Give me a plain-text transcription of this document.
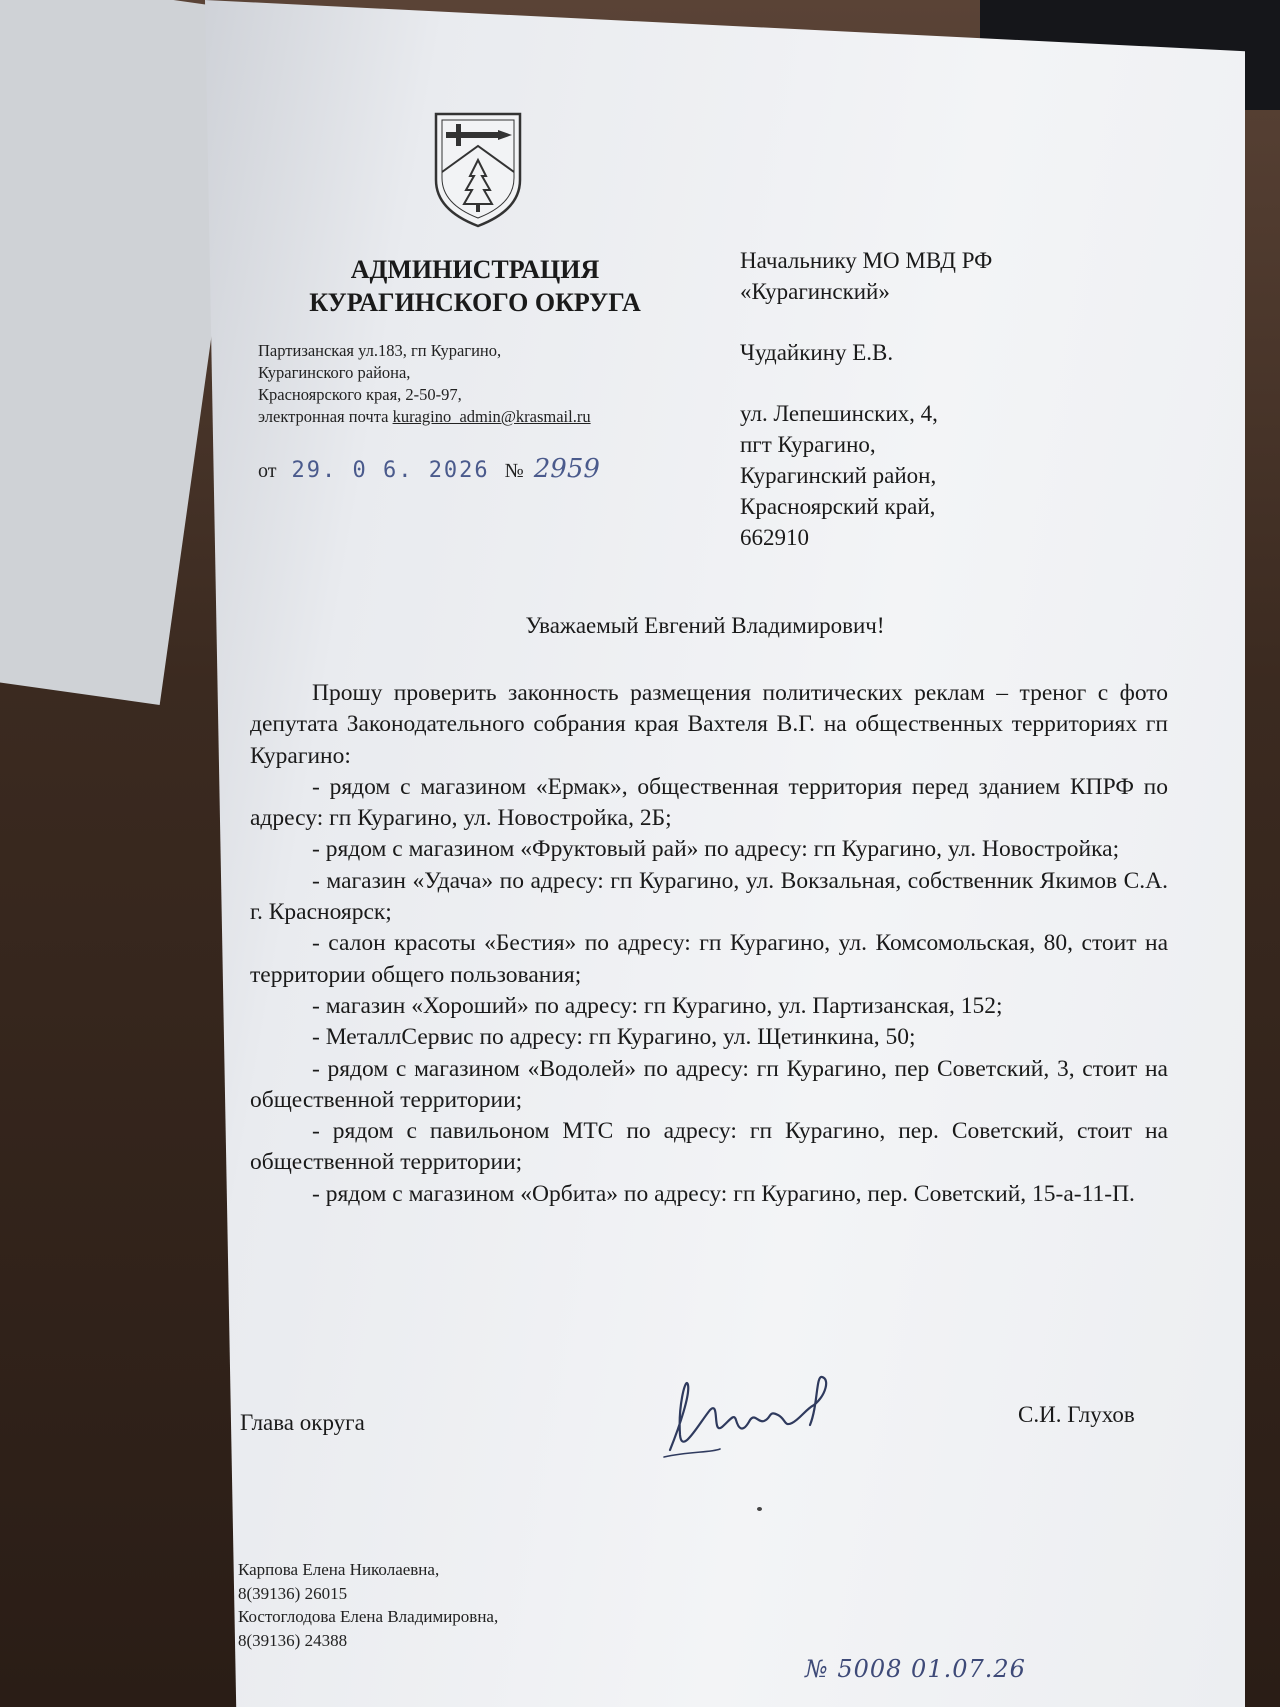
АДМИНИСТРАЦИЯ
КУРАГИНСКОГО ОКРУГА
Партизанская ул.183, гп Курагино,
Курагинского района,
Красноярского края, 2-50-97,
электронная почта kuragino_admin@krasmail.ru
от 29. 0 6. 2026 № 2959
Начальнику МО МВД РФ
«Курагинский»
Чудайкину Е.В.
ул. Лепешинских, 4,
пгт Курагино,
Курагинский район,
Красноярский край,
662910
Уважаемый Евгений Владимирович!

Прошу проверить законность размещения политических реклам – треног с фото депутата Законодательного собрания края Вахтеля В.Г. на общественных территориях гп Курагино:

- рядом с магазином «Ермак», общественная территория перед зданием КПРФ по адресу: гп Курагино, ул. Новостройка, 2Б;

- рядом с магазином «Фруктовый рай» по адресу: гп Курагино, ул. Новостройка;

- магазин «Удача» по адресу: гп Курагино, ул. Вокзальная, собственник Якимов С.А. г. Красноярск;

- салон красоты «Бестия» по адресу: гп Курагино, ул. Комсомольская, 80, стоит на территории общего пользования;

- магазин «Хороший» по адресу: гп Курагино, ул. Партизанская, 152;

- МеталлСервис по адресу: гп Курагино, ул. Щетинкина, 50;

- рядом с магазином «Водолей» по адресу: гп Курагино, пер Советский, 3, стоит на общественной территории;

- рядом с павильоном МТС по адресу: гп Курагино, пер. Советский, стоит на общественной территории;

- рядом с магазином «Орбита» по адресу: гп Курагино, пер. Советский, 15-а-11-П.

Глава округа	С.И. Глухов
Карпова Елена Николаевна,
8(39136) 26015
Костоглодова Елена Владимировна,
8(39136) 24388
№ 5008 01.07.26
